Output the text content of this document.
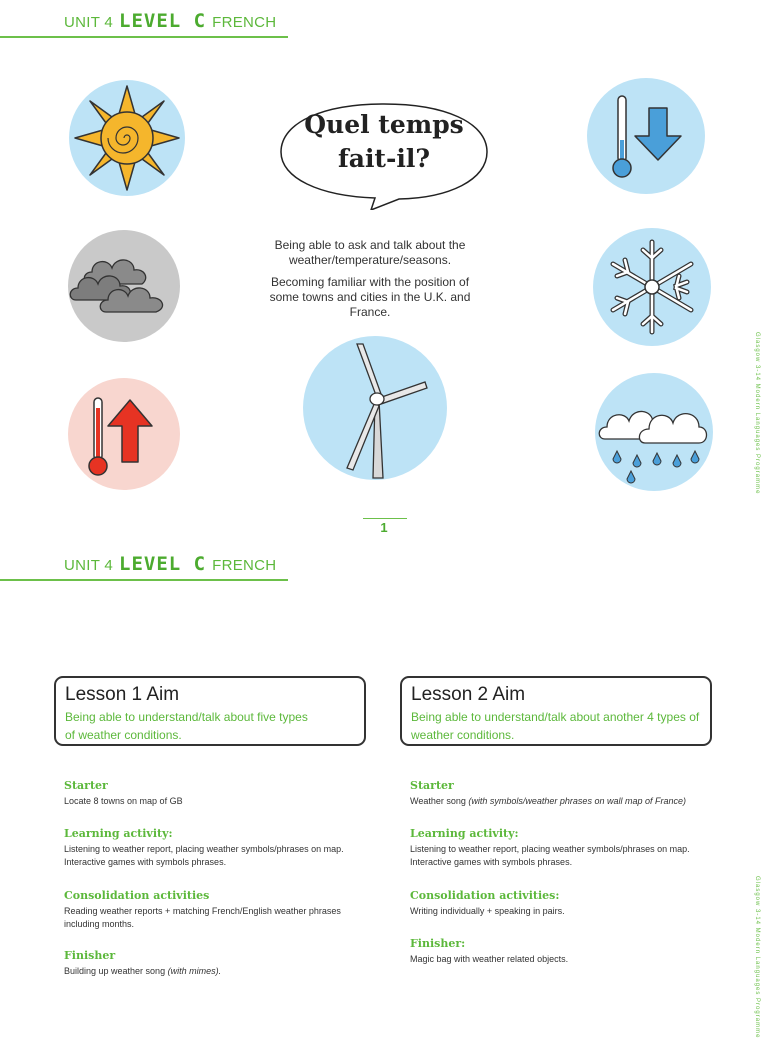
UNIT 4 LEVEL C FRENCH
Quel temps
fait-il?
Being able to ask and talk about the weather/temperature/seasons.
Becoming familiar with the position of some towns and cities in the U.K. and France.
Glasgow 3-14 Modern Languages Programme
1
UNIT 4 LEVEL C FRENCH
Lesson 1 Aim
Being able to understand/talk about five types of weather conditions.
Lesson 2 Aim
Being able to understand/talk about another 4 types of weather conditions.
Starter
Locate 8 towns on map of GB
Learning activity:
Listening to weather report, placing weather symbols/phrases on map.
Interactive games with symbols phrases.
Consolidation activities
Reading weather reports + matching French/English weather phrases including months.
Finisher
Building up weather song (with mimes).
Starter
Weather song (with symbols/weather phrases on wall map of France)
Learning activity:
Listening to weather report, placing weather symbols/phrases on map.
Interactive games with symbols phrases.
Consolidation activities:
Writing individually + speaking in pairs.
Finisher:
Magic bag with weather related objects.	Glasgow 3-14 Modern Languages Programme
